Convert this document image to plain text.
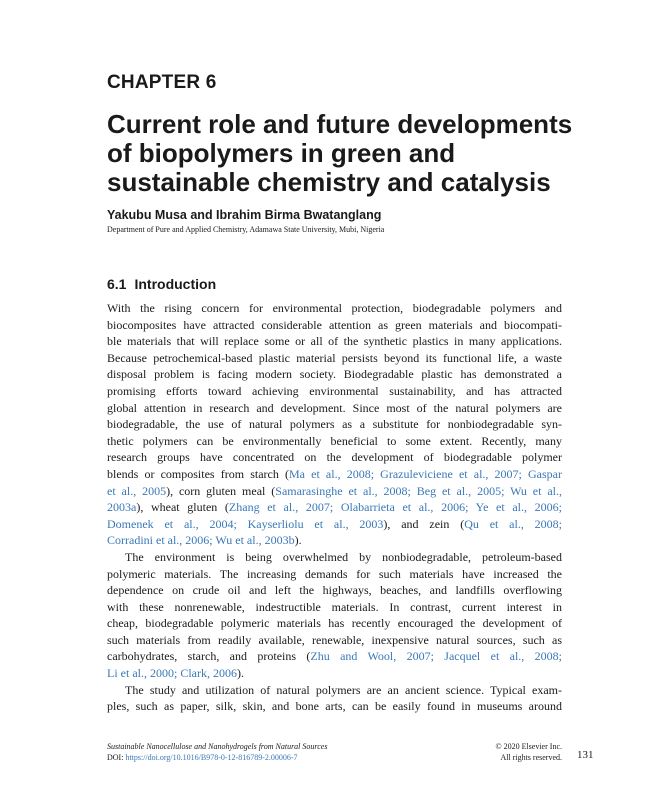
CHAPTER 6
Current role and future developments
of biopolymers in green and
sustainable chemistry and catalysis
Yakubu Musa and Ibrahim Birma Bwatanglang
Department of Pure and Applied Chemistry, Adamawa State University, Mubi, Nigeria
6.1 Introduction
With the rising concern for environmental protection, biodegradable polymers and
biocomposites have attracted considerable attention as green materials and biocompati-
ble materials that will replace some or all of the synthetic plastics in many applications.
Because petrochemical-based plastic material persists beyond its functional life, a waste
disposal problem is facing modern society. Biodegradable plastic has demonstrated a
promising efforts toward achieving environmental sustainability, and has attracted
global attention in research and development. Since most of the natural polymers are
biodegradable, the use of natural polymers as a substitute for nonbiodegradable syn-
thetic polymers can be environmentally beneficial to some extent. Recently, many
research groups have concentrated on the development of biodegradable polymer
blends or composites from starch (Ma et al., 2008; Grazuleviciene et al., 2007; Gaspar
et al., 2005), corn gluten meal (Samarasinghe et al., 2008; Beg et al., 2005; Wu et al.,
2003a), wheat gluten (Zhang et al., 2007; Olabarrieta et al., 2006; Ye et al., 2006;
Domenek et al., 2004; Kayserliolu et al., 2003), and zein (Qu et al., 2008;
Corradini et al., 2006; Wu et al., 2003b).
The environment is being overwhelmed by nonbiodegradable, petroleum-based
polymeric materials. The increasing demands for such materials have increased the
dependence on crude oil and left the highways, beaches, and landfills overflowing
with these nonrenewable, indestructible materials. In contrast, current interest in
cheap, biodegradable polymeric materials has recently encouraged the development of
such materials from readily available, renewable, inexpensive natural sources, such as
carbohydrates, starch, and proteins (Zhu and Wool, 2007; Jacquel et al., 2008;
Li et al., 2000; Clark, 2006).
The study and utilization of natural polymers are an ancient science. Typical exam-
ples, such as paper, silk, skin, and bone arts, can be easily found in museums around
Sustainable Nanocellulose and Nanohydrogels from Natural Sources
DOI: https://doi.org/10.1016/B978-0-12-816789-2.00006-7
© 2020 Elsevier Inc.
All rights reserved. 131
